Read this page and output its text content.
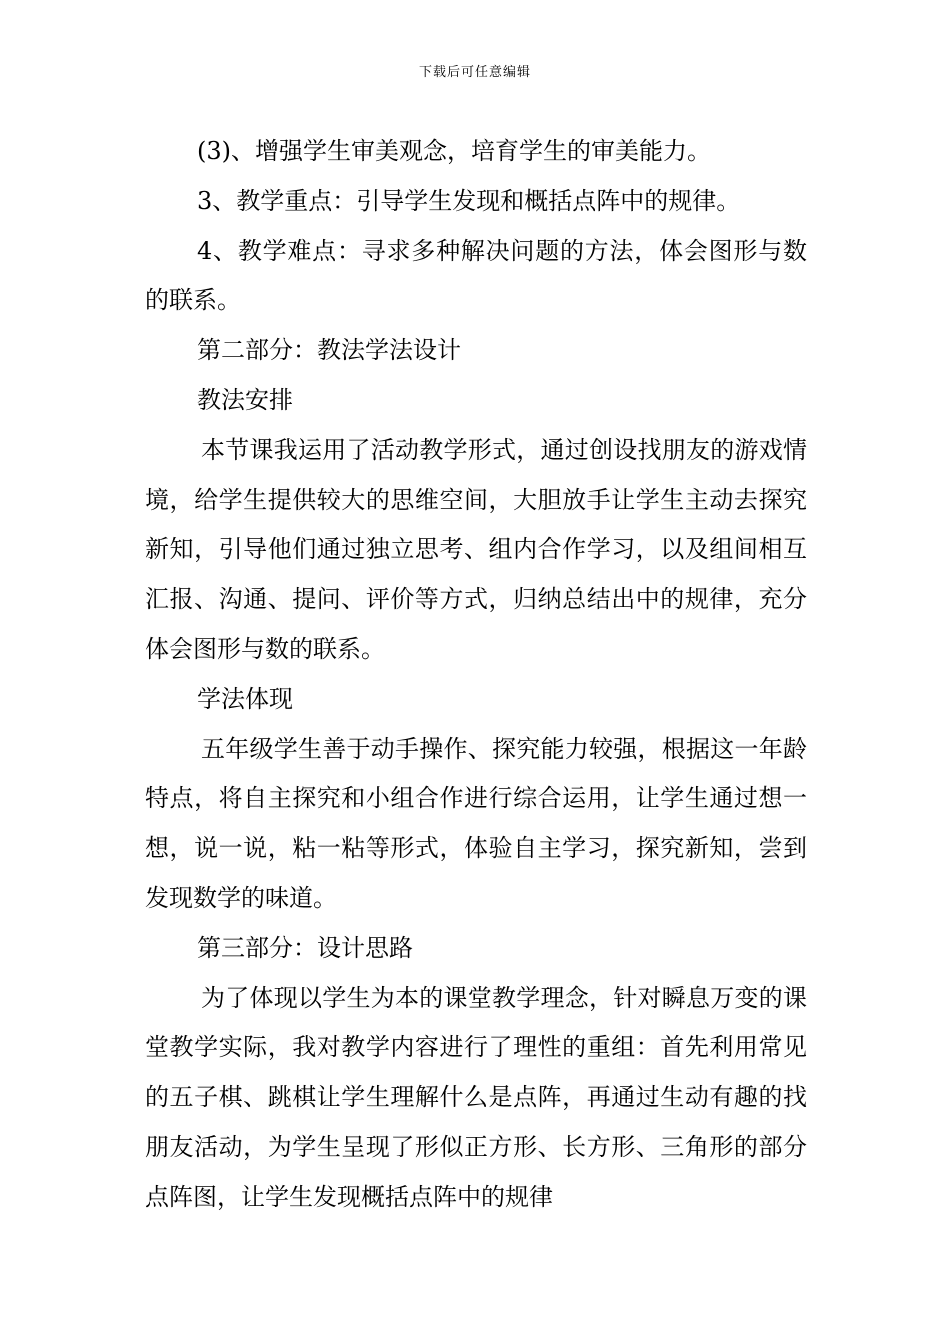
下载后可任意编辑

(3)、增强学生审美观念，培育学生的审美能力。

3、教学重点：引导学生发现和概括点阵中的规律。

4、教学难点：寻求多种解决问题的方法，体会图形与数的联系。

第二部分：教法学法设计

教法安排

本节课我运用了活动教学形式，通过创设找朋友的游戏情境，给学生提供较大的思维空间，大胆放手让学生主动去探究新知，引导他们通过独立思考、组内合作学习，以及组间相互汇报、沟通、提问、评价等方式，归纳总结出中的规律，充分体会图形与数的联系。

学法体现

五年级学生善于动手操作、探究能力较强，根据这一年龄特点，将自主探究和小组合作进行综合运用，让学生通过想一想，说一说，粘一粘等形式，体验自主学习，探究新知，尝到发现数学的味道。

第三部分：设计思路

为了体现以学生为本的课堂教学理念，针对瞬息万变的课堂教学实际，我对教学内容进行了理性的重组：首先利用常见的五子棋、跳棋让学生理解什么是点阵，再通过生动有趣的找朋友活动，为学生呈现了形似正方形、长方形、三角形的部分点阵图，让学生发现概括点阵中的规律
